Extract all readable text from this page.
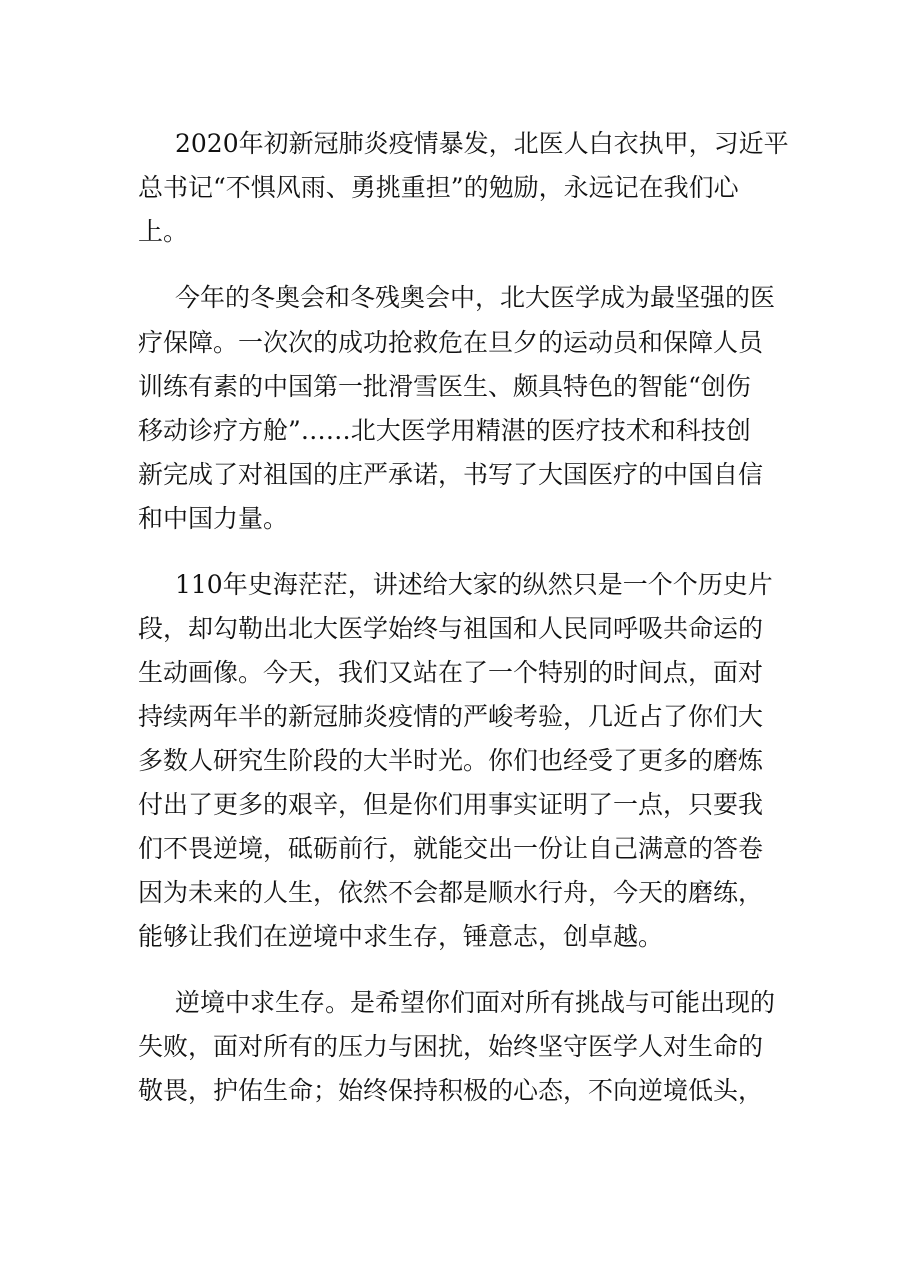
2020年初新冠肺炎疫情暴发，北医人白衣执甲，习近平
总书记“不惧风雨、勇挑重担”的勉励，永远记在我们心
上。
今年的冬奥会和冬残奥会中，北大医学成为最坚强的医
疗保障。一次次的成功抢救危在旦夕的运动员和保障人员
训练有素的中国第一批滑雪医生、颇具特色的智能“创伤
移动诊疗方舱”……北大医学用精湛的医疗技术和科技创
新完成了对祖国的庄严承诺，书写了大国医疗的中国自信
和中国力量。
110年史海茫茫，讲述给大家的纵然只是一个个历史片
段，却勾勒出北大医学始终与祖国和人民同呼吸共命运的
生动画像。今天，我们又站在了一个特别的时间点，面对
持续两年半的新冠肺炎疫情的严峻考验，几近占了你们大
多数人研究生阶段的大半时光。你们也经受了更多的磨炼
付出了更多的艰辛，但是你们用事实证明了一点，只要我
们不畏逆境，砥砺前行，就能交出一份让自己满意的答卷
因为未来的人生，依然不会都是顺水行舟，今天的磨练，
能够让我们在逆境中求生存，锤意志，创卓越。
逆境中求生存。是希望你们面对所有挑战与可能出现的
失败，面对所有的压力与困扰，始终坚守医学人对生命的
敬畏，护佑生命；始终保持积极的心态，不向逆境低头，
